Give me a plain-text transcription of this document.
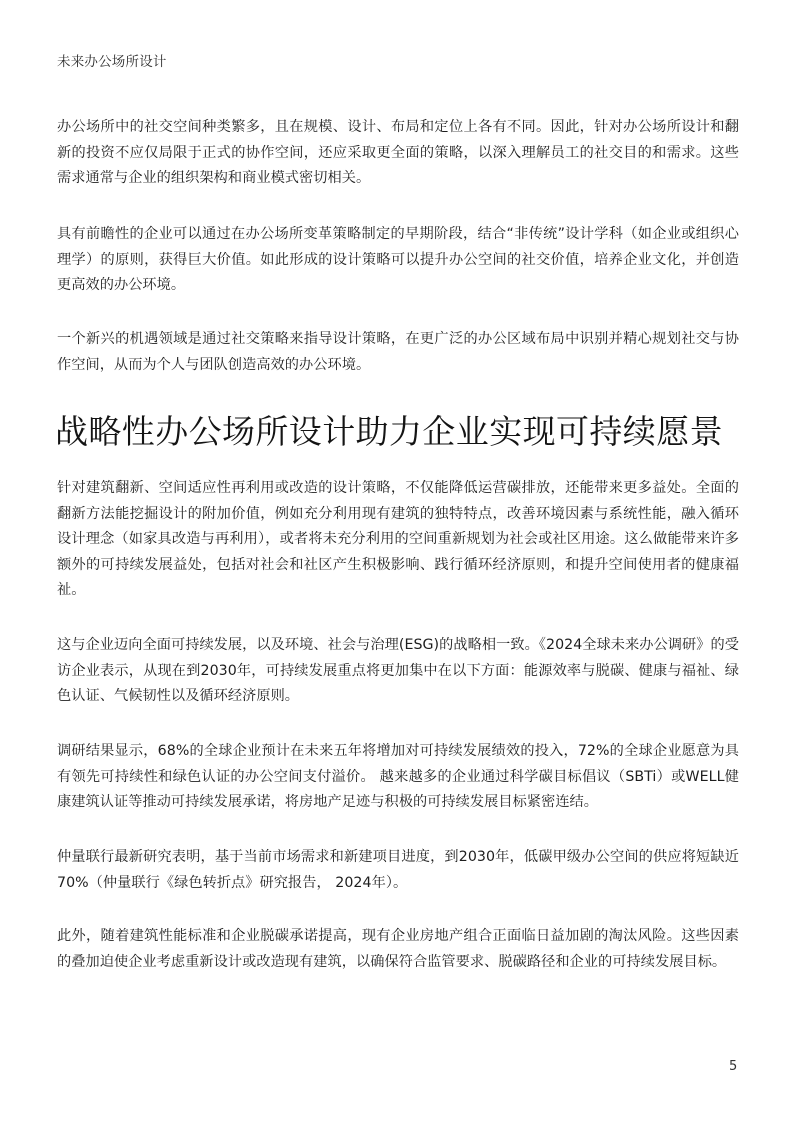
未来办公场所设计

办公场所中的社交空间种类繁多，且在规模、设计、布局和定位上各有不同。因此，针对办公场所设计和翻新的投资不应仅局限于正式的协作空间，还应采取更全面的策略，以深入理解员工的社交目的和需求。这些需求通常与企业的组织架构和商业模式密切相关。

具有前瞻性的企业可以通过在办公场所变革策略制定的早期阶段，结合“非传统”设计学科（如企业或组织心理学）的原则，获得巨大价值。如此形成的设计策略可以提升办公空间的社交价值，培养企业文化，并创造更高效的办公环境。

一个新兴的机遇领域是通过社交策略来指导设计策略，在更广泛的办公区域布局中识别并精心规划社交与协作空间，从而为个人与团队创造高效的办公环境。

战略性办公场所设计助力企业实现可持续愿景

针对建筑翻新、空间适应性再利用或改造的设计策略，不仅能降低运营碳排放，还能带来更多益处。全面的翻新方法能挖掘设计的附加价值，例如充分利用现有建筑的独特特点，改善环境因素与系统性能，融入循环设计理念（如家具改造与再利用），或者将未充分利用的空间重新规划为社会或社区用途。这么做能带来许多额外的可持续发展益处，包括对社会和社区产生积极影响、践行循环经济原则，和提升空间使用者的健康福祉。

这与企业迈向全面可持续发展，以及环境、社会与治理(ESG)的战略相一致。《2024全球未来办公调研》的受访企业表示，从现在到2030年，可持续发展重点将更加集中在以下方面：能源效率与脱碳、健康与福祉、绿色认证、气候韧性以及循环经济原则。

调研结果显示，68%的全球企业预计在未来五年将增加对可持续发展绩效的投入，72%的全球企业愿意为具有领先可持续性和绿色认证的办公空间支付溢价。 越来越多的企业通过科学碳目标倡议（SBTi）或WELL健康建筑认证等推动可持续发展承诺，将房地产足迹与积极的可持续发展目标紧密连结。

仲量联行最新研究表明，基于当前市场需求和新建项目进度，到2030年，低碳甲级办公空间的供应将短缺近70%（仲量联行《绿色转折点》研究报告， 2024年）。

此外，随着建筑性能标准和企业脱碳承诺提高，现有企业房地产组合正面临日益加剧的淘汰风险。这些因素的叠加迫使企业考虑重新设计或改造现有建筑，以确保符合监管要求、脱碳路径和企业的可持续发展目标。

5
